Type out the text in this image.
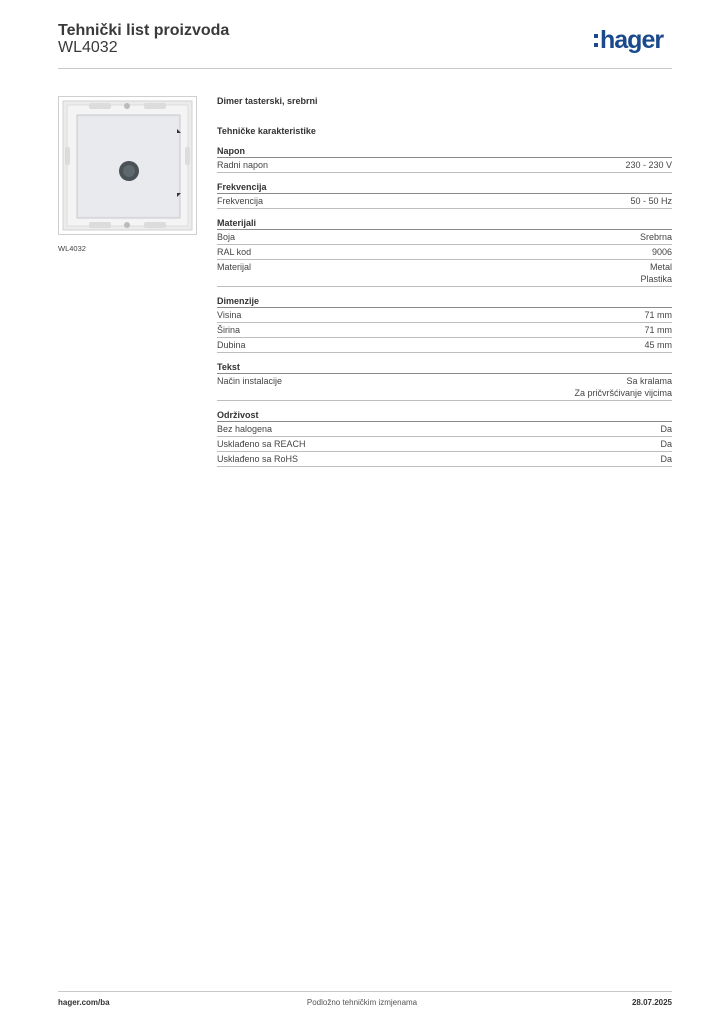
Tehnički list proizvoda
WL4032	hager
WL4032
Dimer tasterski, srebrni
Tehničke karakteristike
Napon
Radni napon	230 - 230 V
Frekvencija
Frekvencija	50 - 50 Hz
Materijali
Boja	Srebrna
RAL kod	9006
Materijal	Metal
Plastika
Dimenzije
Visina	71 mm
Širina	71 mm
Dubina	45 mm
Tekst
Način instalacije	Sa kralama
Za pričvršćivanje vijcima
Održivost
Bez halogena	Da
Usklađeno sa REACH	Da
Usklađeno sa RoHS	Da
hager.com/ba	Podložno tehničkim izmjenama	28.07.2025
